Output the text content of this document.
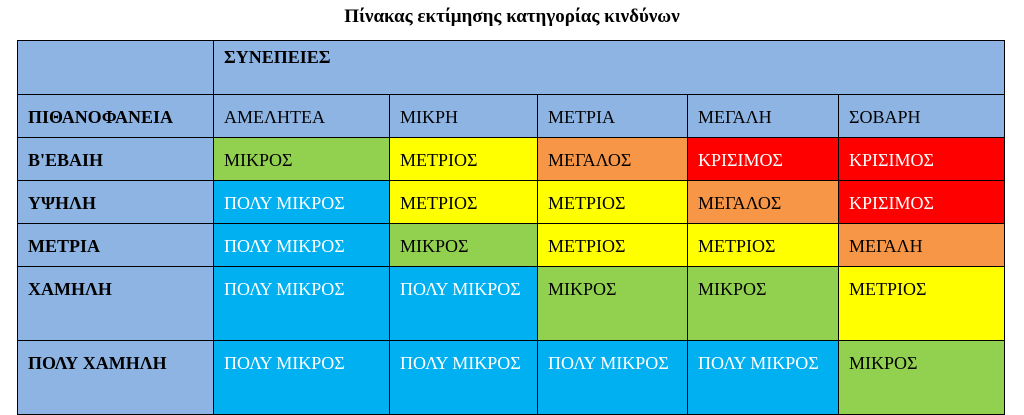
Πίνακας εκτίμησης κατηγορίας κινδύνων
	ΣΥΝΕΠΕΙΕΣ				
ΠΙΘΑΝΟΦΑΝΕΙΑ	ΑΜΕΛΗΤΕΑ	ΜΙΚΡΗ	ΜΕΤΡΙΑ	ΜΕΓΑΛΗ	ΣΟΒΑΡΗ
Β'ΕΒΑΙΗ	ΜΙΚΡΟΣ	ΜΕΤΡΙΟΣ	ΜΕΓΑΛΟΣ	ΚΡΙΣΙΜΟΣ	ΚΡΙΣΙΜΟΣ
ΥΨΗΛΗ	ΠΟΛΥ ΜΙΚΡΟΣ	ΜΕΤΡΙΟΣ	ΜΕΤΡΙΟΣ	ΜΕΓΑΛΟΣ	ΚΡΙΣΙΜΟΣ
ΜΕΤΡΙΑ	ΠΟΛΥ ΜΙΚΡΟΣ	ΜΙΚΡΟΣ	ΜΕΤΡΙΟΣ	ΜΕΤΡΙΟΣ	ΜΕΓΑΛΗ
ΧΑΜΗΛΗ	ΠΟΛΥ ΜΙΚΡΟΣ	ΠΟΛΥ ΜΙΚΡΟΣ	ΜΙΚΡΟΣ	ΜΙΚΡΟΣ	ΜΕΤΡΙΟΣ
ΠΟΛΥ ΧΑΜΗΛΗ	ΠΟΛΥ ΜΙΚΡΟΣ	ΠΟΛΥ ΜΙΚΡΟΣ	ΠΟΛΥ ΜΙΚΡΟΣ	ΠΟΛΥ ΜΙΚΡΟΣ	ΜΙΚΡΟΣ
